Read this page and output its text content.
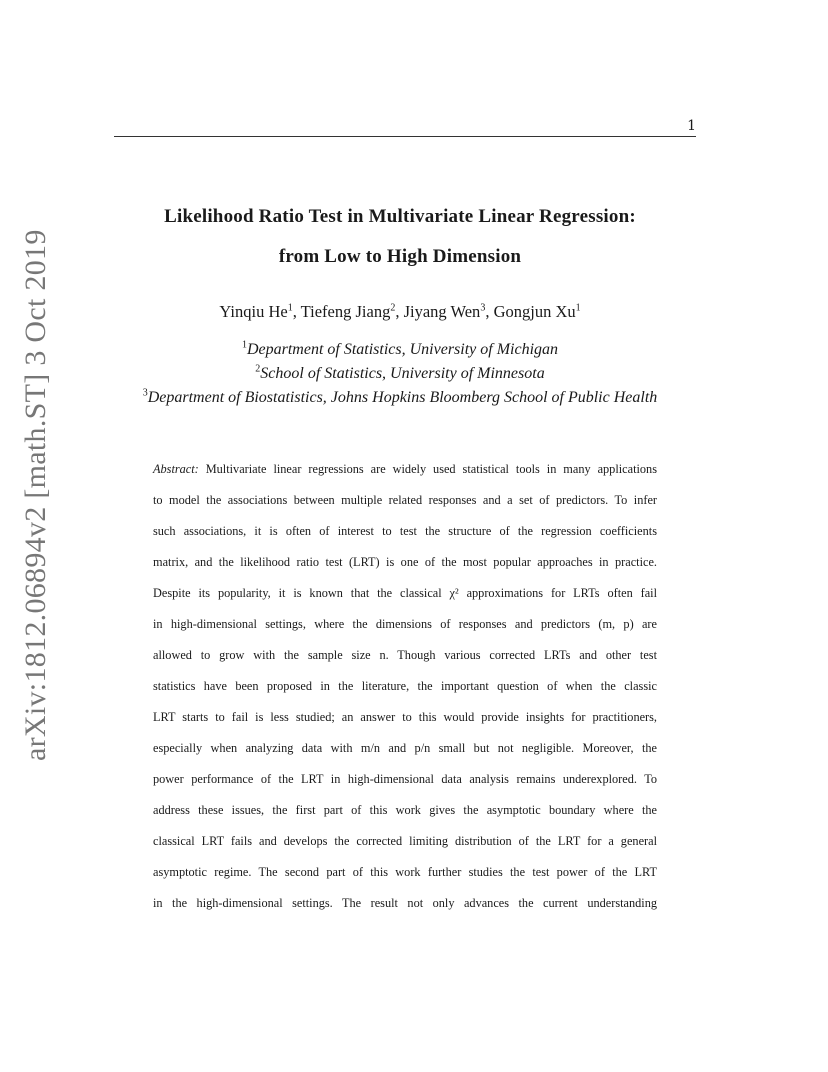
1
arXiv:1812.06894v2 [math.ST] 3 Oct 2019
Likelihood Ratio Test in Multivariate Linear Regression:
from Low to High Dimension
Yinqiu He$^1$, Tiefeng Jiang$^2$, Jiyang Wen$^3$, Gongjun Xu$^1$
$^1$Department of Statistics, University of Michigan
$^2$School of Statistics, University of Minnesota
$^3$Department of Biostatistics, Johns Hopkins Bloomberg School of Public Health
Abstract: Multivariate linear regressions are widely used statistical tools in many applications
to model the associations between multiple related responses and a set of predictors. To infer
such associations, it is often of interest to test the structure of the regression coefficients
matrix, and the likelihood ratio test (LRT) is one of the most popular approaches in practice.
Despite its popularity, it is known that the classical χ² approximations for LRTs often fail
in high-dimensional settings, where the dimensions of responses and predictors (m, p) are
allowed to grow with the sample size n. Though various corrected LRTs and other test
statistics have been proposed in the literature, the important question of when the classic
LRT starts to fail is less studied; an answer to this would provide insights for practitioners,
especially when analyzing data with m/n and p/n small but not negligible. Moreover, the
power performance of the LRT in high-dimensional data analysis remains underexplored. To
address these issues, the first part of this work gives the asymptotic boundary where the
classical LRT fails and develops the corrected limiting distribution of the LRT for a general
asymptotic regime. The second part of this work further studies the test power of the LRT
in the high-dimensional settings. The result not only advances the current understanding
